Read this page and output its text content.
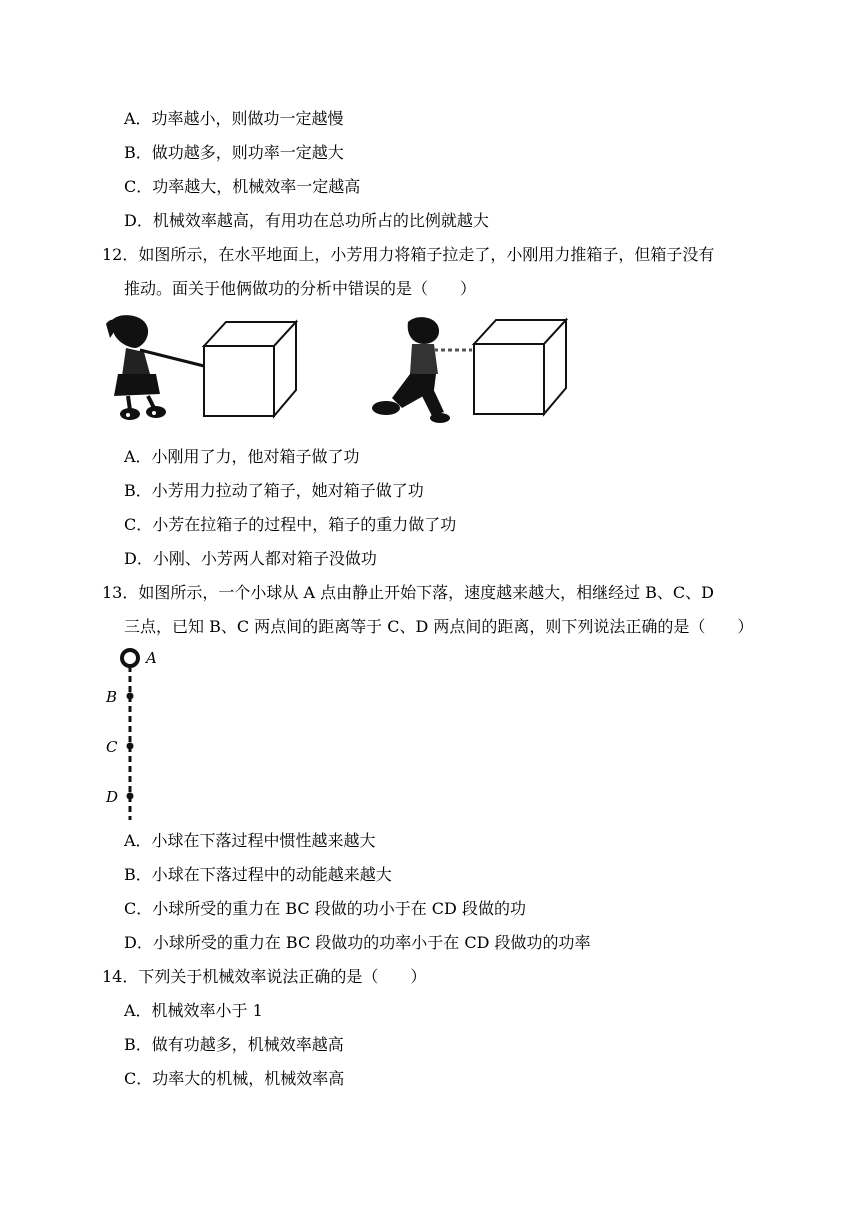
A．功率越小，则做功一定越慢
B．做功越多，则功率一定越大
C．功率越大，机械效率一定越高
D．机械效率越高，有用功在总功所占的比例就越大
12．如图所示，在水平地面上，小芳用力将箱子拉走了，小刚用力推箱子，但箱子没有
推动。面关于他俩做功的分析中错误的是（　　）
A．小刚用了力，他对箱子做了功
B．小芳用力拉动了箱子，她对箱子做了功
C．小芳在拉箱子的过程中，箱子的重力做了功
D．小刚、小芳两人都对箱子没做功
13．如图所示，一个小球从 A 点由静止开始下落，速度越来越大，相继经过 B、C、D
三点，已知 B、C 两点间的距离等于 C、D 两点间的距离，则下列说法正确的是（　　）
A
B
C
D
A．小球在下落过程中惯性越来越大
B．小球在下落过程中的动能越来越大
C．小球所受的重力在 BC 段做的功小于在 CD 段做的功
D．小球所受的重力在 BC 段做功的功率小于在 CD 段做功的功率
14．下列关于机械效率说法正确的是（　　）
A．机械效率小于 1
B．做有功越多，机械效率越高
C．功率大的机械，机械效率高
